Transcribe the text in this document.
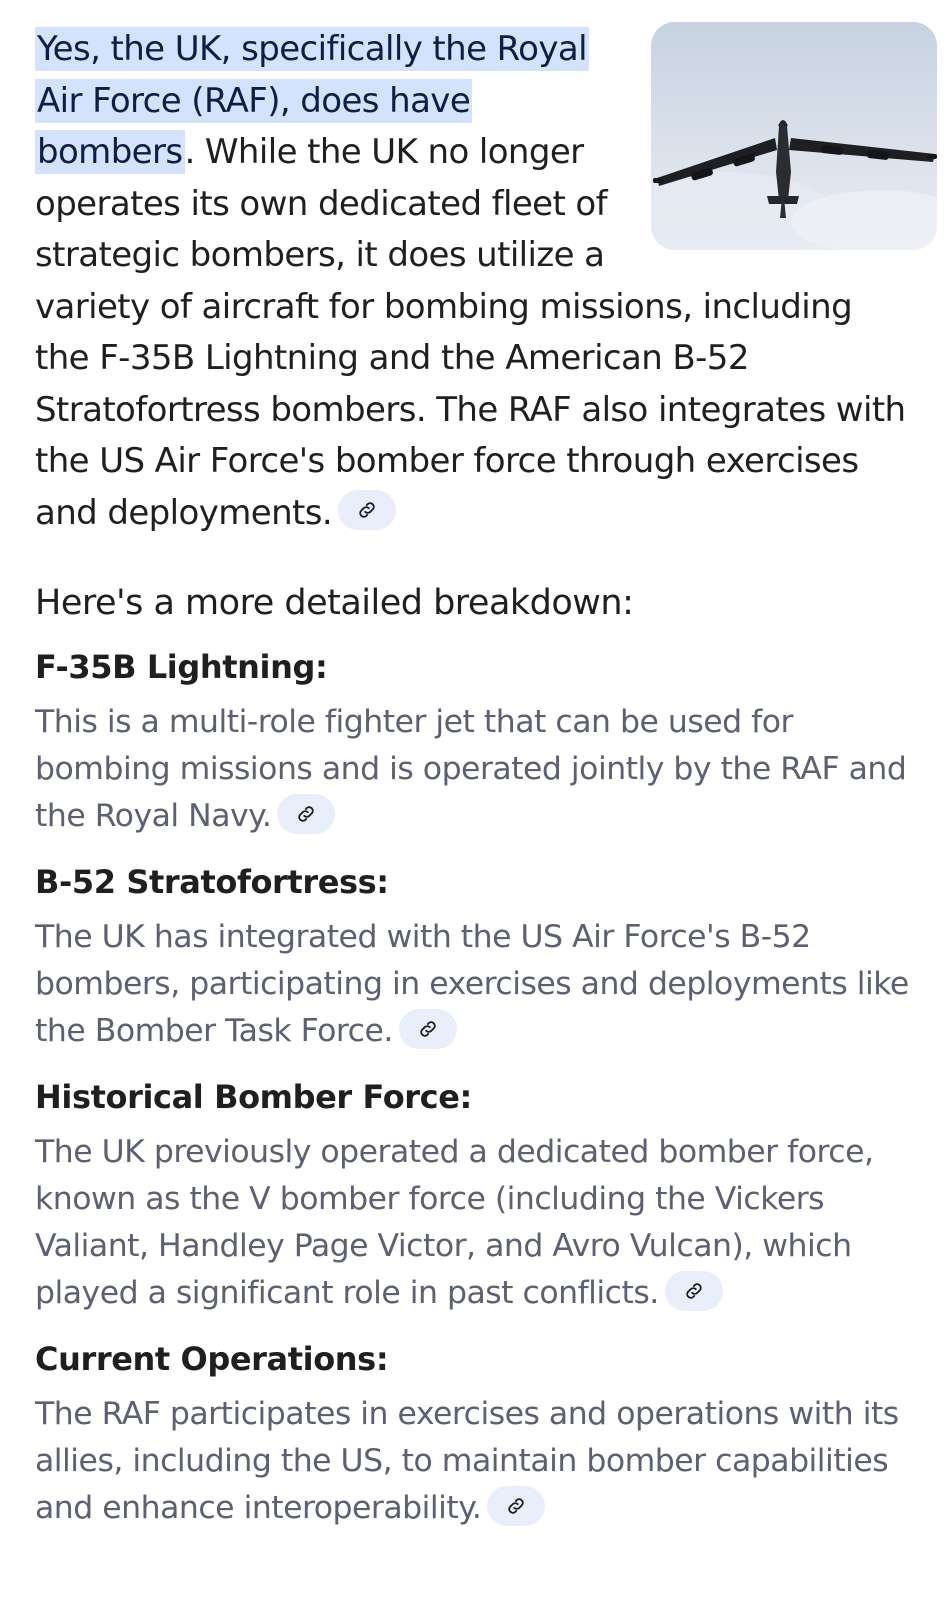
Yes, the UK, specifically the Royal Air Force (RAF), does have bombers. While the UK no longer operates its own dedicated fleet of strategic bombers, it does utilize a variety of aircraft for bombing missions, including the F-35B Lightning and the American B-52 Stratofortress bombers. The RAF also integrates with the US Air Force's bomber force through exercises and deployments.

Here's a more detailed breakdown:
F-35B Lightning:

This is a multi-role fighter jet that can be used for bombing missions and is operated jointly by the RAF and the Royal Navy.

B-52 Stratofortress:

The UK has integrated with the US Air Force's B-52 bombers, participating in exercises and deployments like the Bomber Task Force.

Historical Bomber Force:

The UK previously operated a dedicated bomber force, known as the V bomber force (including the Vickers Valiant, Handley Page Victor, and Avro Vulcan), which played a significant role in past conflicts.

Current Operations:

The RAF participates in exercises and operations with its allies, including the US, to maintain bomber capabilities and enhance interoperability.
